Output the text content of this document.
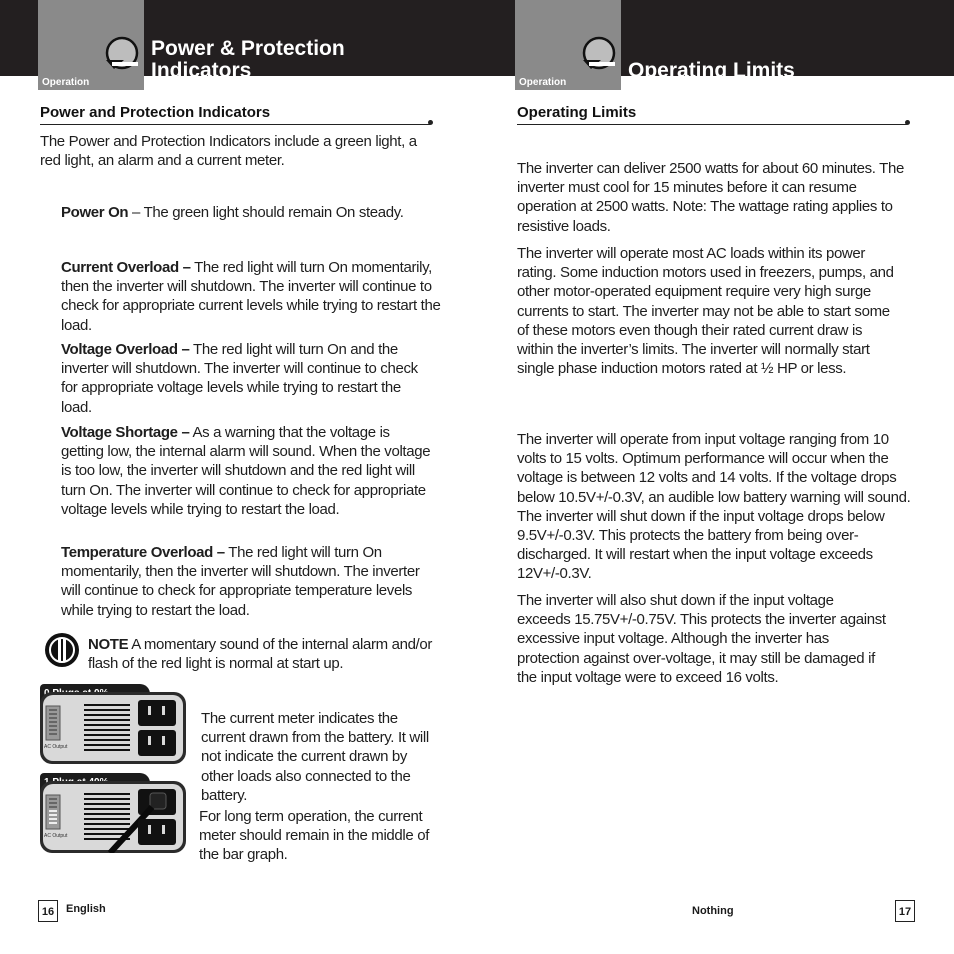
Operation
Power & Protection
Indicators
Power and Protection Indicators

The Power and Protection Indicators include a green light, a red light, an alarm and a current meter.

Power On – The green light should remain On steady.

Current Overload – The red light will turn On momentarily, then the inverter will shutdown. The inverter will continue to check for appropriate current levels while trying to restart the load.

Voltage Overload – The red light will turn On and the inverter will shutdown. The inverter will continue to check for appropriate voltage levels while trying to restart the load.

Voltage Shortage – As a warning that the voltage is getting low, the internal alarm will sound. When the voltage is too low, the inverter will shutdown and the red light will turn On. The inverter will continue to check for appropriate voltage levels while trying to restart the load.

Temperature Overload – The red light will turn On momentarily, then the inverter will shutdown. The inverter will continue to check for appropriate temperature levels while trying to restart the load.

NOTE A momentary sound of the internal alarm and/or flash of the red light is normal at start up.

AC Output
AC Output

The current meter indicates the current drawn from the battery. It will not indicate the current drawn by other loads also connected to the battery.

For long term operation, the current meter should remain in the middle of the bar graph.

16	English
Operation
Operating Limits
Operating Limits

The inverter can deliver 2500 watts for about 60 minutes. The inverter must cool for 15 minutes before it can resume operation at 2500 watts. Note: The wattage rating applies to resistive loads.

The inverter will operate most AC loads within its power rating. Some induction motors used in freezers, pumps, and other motor-operated equipment require very high surge currents to start. The inverter may not be able to start some of these motors even though their rated current draw is within the inverter’s limits. The inverter will normally start single phase induction motors rated at ½ HP or less.

The inverter will operate from input voltage ranging from 10 volts to 15 volts. Optimum performance will occur when the voltage is between 12 volts and 14 volts. If the voltage drops below 10.5V+/-0.3V, an audible low battery warning will sound. The inverter will shut down if the input voltage drops below 9.5V+/-0.3V. This protects the battery from being over-discharged. It will restart when the input voltage exceeds 12V+/-0.3V.

The inverter will also shut down if the input voltage exceeds 15.75V+/-0.75V. This protects the inverter against excessive input voltage. Although the inverter has protection against over-voltage, it may still be damaged if the input voltage were to exceed 16 volts.

Nothing	17
